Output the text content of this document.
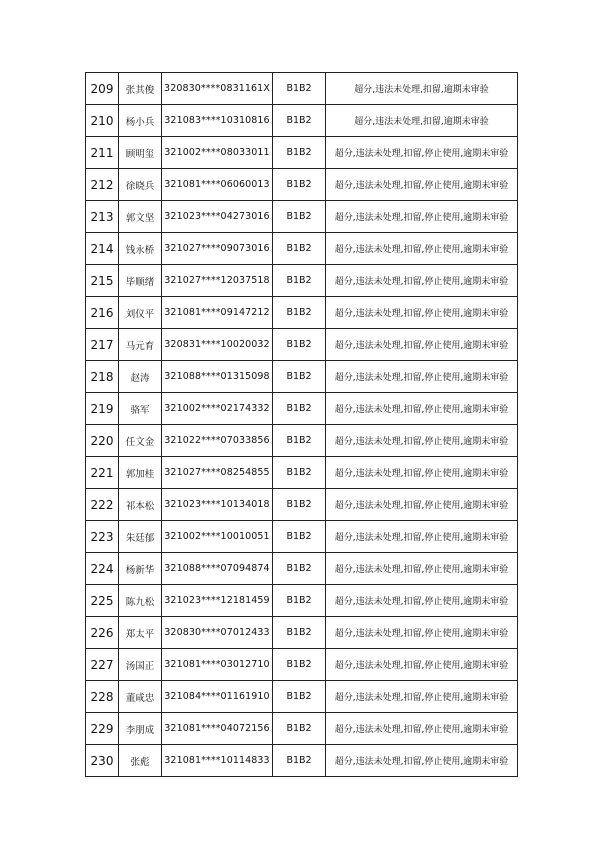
209	张其俊	320830****0831161X	B1B2	超分,违法未处理,扣留,逾期未审验
210	杨小兵	321083****10310816	B1B2	超分,违法未处理,扣留,逾期未审验
211	顾明玺	321002****08033011	B1B2	超分,违法未处理,扣留,停止使用,逾期未审验
212	徐晓兵	321081****06060013	B1B2	超分,违法未处理,扣留,停止使用,逾期未审验
213	郭文坚	321023****04273016	B1B2	超分,违法未处理,扣留,停止使用,逾期未审验
214	钱永桥	321027****09073016	B1B2	超分,违法未处理,扣留,停止使用,逾期未审验
215	毕顺绪	321027****12037518	B1B2	超分,违法未处理,扣留,停止使用,逾期未审验
216	刘仪平	321081****09147212	B1B2	超分,违法未处理,扣留,停止使用,逾期未审验
217	马元育	320831****10020032	B1B2	超分,违法未处理,扣留,停止使用,逾期未审验
218	赵涛	321088****01315098	B1B2	超分,违法未处理,扣留,停止使用,逾期未审验
219	骆军	321002****02174332	B1B2	超分,违法未处理,扣留,停止使用,逾期未审验
220	任文金	321022****07033856	B1B2	超分,违法未处理,扣留,停止使用,逾期未审验
221	郭加桂	321027****08254855	B1B2	超分,违法未处理,扣留,停止使用,逾期未审验
222	祁本松	321023****10134018	B1B2	超分,违法未处理,扣留,停止使用,逾期未审验
223	朱廷郁	321002****10010051	B1B2	超分,违法未处理,扣留,停止使用,逾期未审验
224	杨新华	321088****07094874	B1B2	超分,违法未处理,扣留,停止使用,逾期未审验
225	陈九松	321023****12181459	B1B2	超分,违法未处理,扣留,停止使用,逾期未审验
226	郑太平	320830****07012433	B1B2	超分,违法未处理,扣留,停止使用,逾期未审验
227	汤国正	321081****03012710	B1B2	超分,违法未处理,扣留,停止使用,逾期未审验
228	董咸忠	321084****01161910	B1B2	超分,违法未处理,扣留,停止使用,逾期未审验
229	李朋成	321081****04072156	B1B2	超分,违法未处理,扣留,停止使用,逾期未审验
230	张彪	321081****10114833	B1B2	超分,违法未处理,扣留,停止使用,逾期未审验
